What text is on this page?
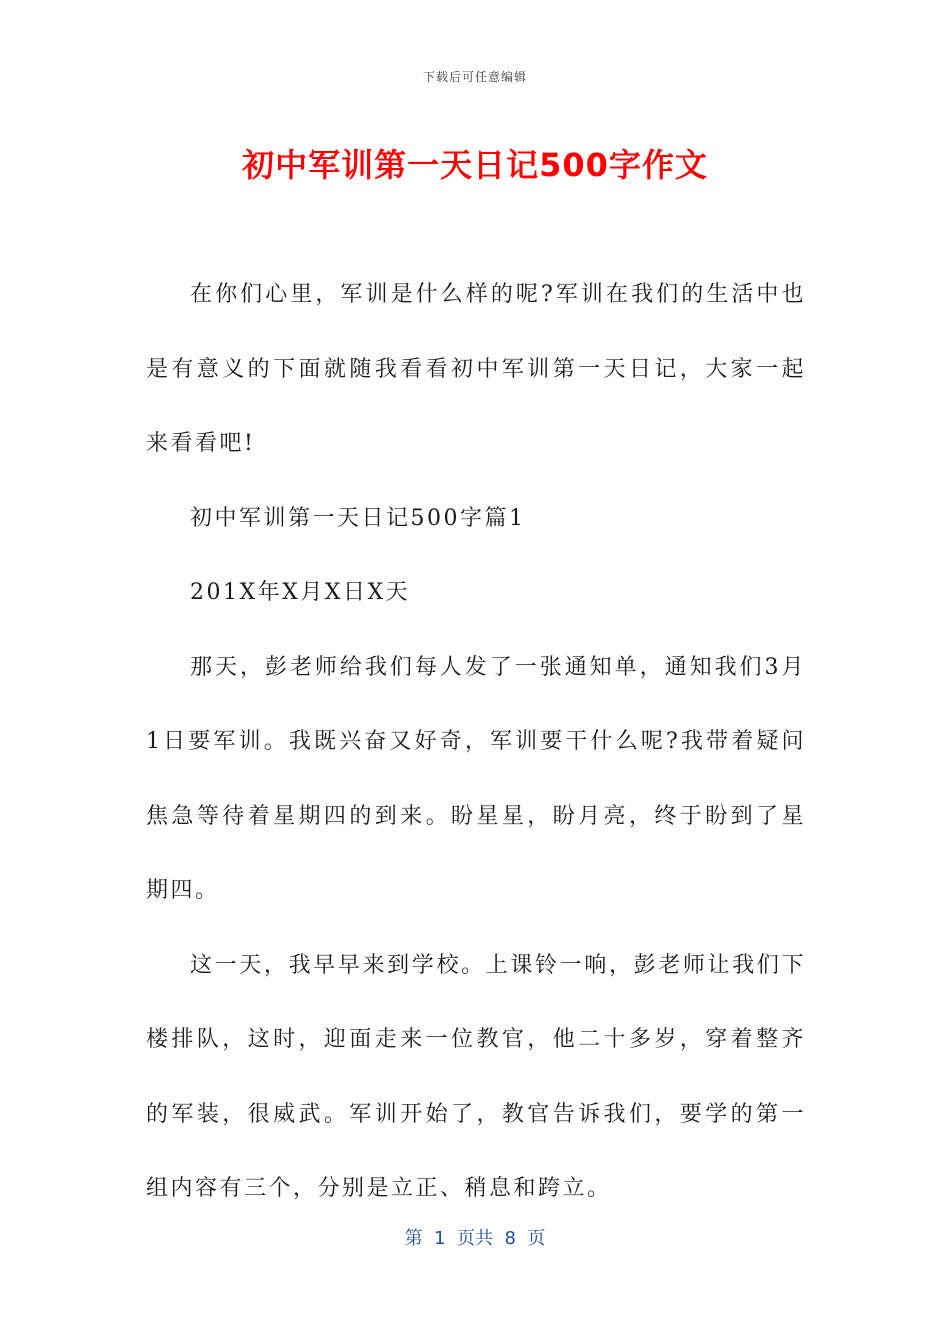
下载后可任意编辑
初中军训第一天日记500字作文

在你们心里，军训是什么样的呢?军训在我们的生活中也是有意义的下面就随我看看初中军训第一天日记，大家一起来看看吧!

初中军训第一天日记500字篇1

201X年X月X日X天

那天，彭老师给我们每人发了一张通知单，通知我们3月1日要军训。我既兴奋又好奇，军训要干什么呢?我带着疑问焦急等待着星期四的到来。盼星星，盼月亮，终于盼到了星期四。

这一天，我早早来到学校。上课铃一响，彭老师让我们下楼排队，这时，迎面走来一位教官，他二十多岁，穿着整齐的军装，很威武。军训开始了，教官告诉我们，要学的第一组内容有三个，分别是立正、稍息和跨立。

第  1  页共  8  页
